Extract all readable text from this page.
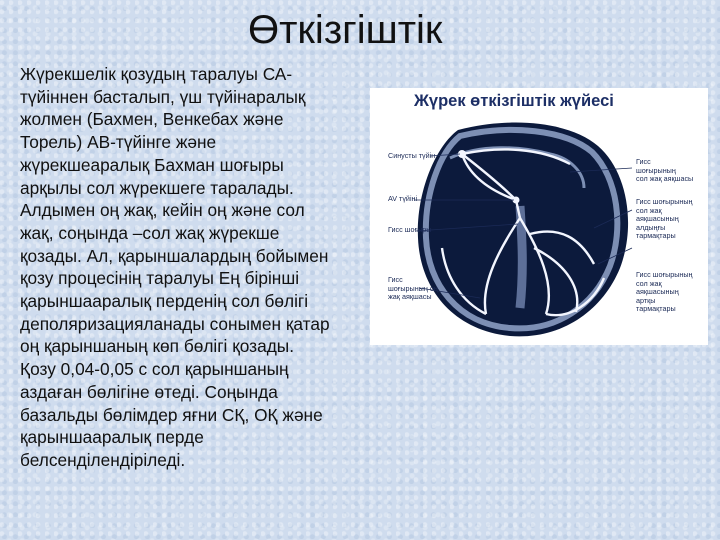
Өткізгіштік
Жүрекшелік қозудың таралуы СА-
түйіннен басталып, үш түйінаралық
жолмен (Бахмен, Венкебах және
Торель) АВ-түйінге және
жүрекшеаралық Бахман шоғыры
арқылы сол жүрекшеге таралады.
Алдымен оң жақ, кейін оң және сол
жақ, соңында –сол жақ жүрекше
қозады. Ал, қарыншалардың бойымен
қозу процесінің таралуы Ең бірінші
қарыншааралық перденің сол бөлігі
деполяризацияланады сонымен қатар
оң қарыншаның көп бөлігі қозады.
Қозу 0,04-0,05 с сол қарыншаның
аздаған бөлігіне өтеді. Соңында
базальды бөлімдер яғни СҚ, ОҚ және
қарыншааралық перде
белсенділендіріледі.
Жүрек өткізгіштік жүйесі
Синусты түйін
AV түйіні
Гисс шоғыры
Гисс
шоғырының оң
жақ аяқшасы
Гисс
шоғырының
сол жақ аяқшасы
Гисс шоғырының
сол жақ
аяқшасының
алдыңғы
тармақтары
Гисс шоғырының
сол жақ
аяқшасының
артқы
тармақтары
